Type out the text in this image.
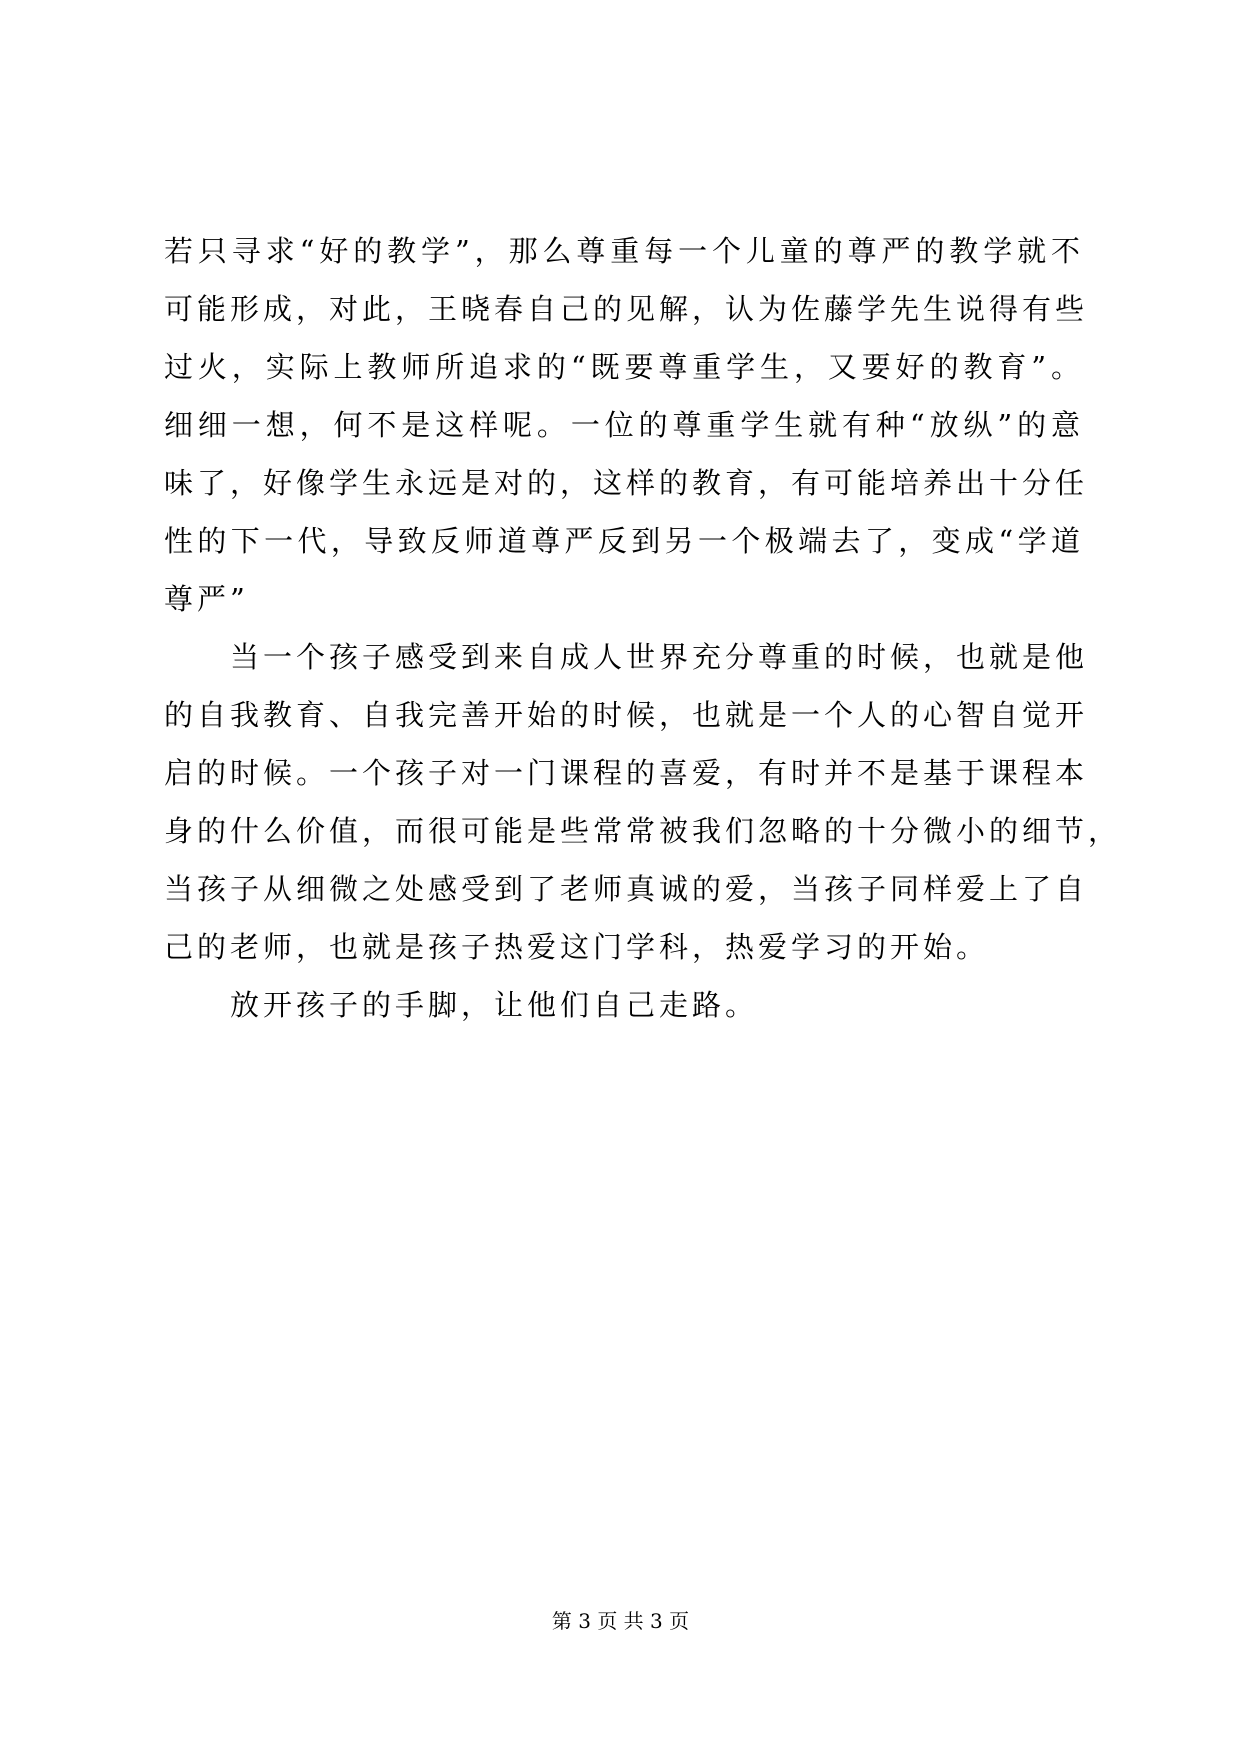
若只寻求“好的教学”，那么尊重每一个儿童的尊严的教学就不
可能形成，对此，王晓春自己的见解，认为佐藤学先生说得有些
过火，实际上教师所追求的“既要尊重学生，又要好的教育”。
细细一想，何不是这样呢。一位的尊重学生就有种“放纵”的意
味了，好像学生永远是对的，这样的教育，有可能培养出十分任
性的下一代，导致反师道尊严反到另一个极端去了，变成“学道
尊严”
当一个孩子感受到来自成人世界充分尊重的时候，也就是他
的自我教育、自我完善开始的时候，也就是一个人的心智自觉开
启的时候。一个孩子对一门课程的喜爱，有时并不是基于课程本
身的什么价值，而很可能是些常常被我们忽略的十分微小的细节，
当孩子从细微之处感受到了老师真诚的爱，当孩子同样爱上了自
己的老师，也就是孩子热爱这门学科，热爱学习的开始。
放开孩子的手脚，让他们自己走路。
第 3 页 共 3 页
